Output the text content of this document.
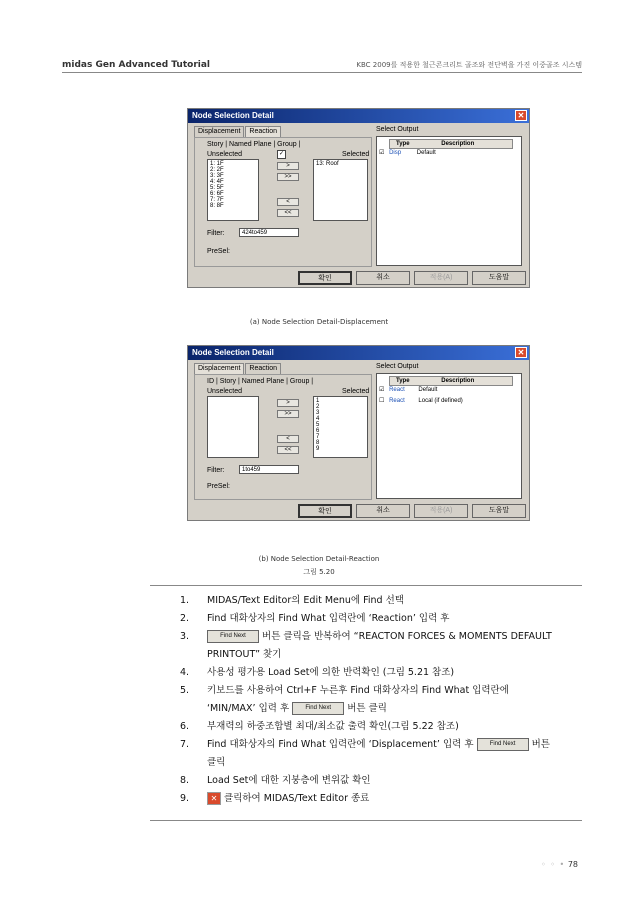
midas Gen Advanced Tutorial	KBC 2009를 적용한 철근콘크리트 골조와 전단벽을 가진 이중골조 시스템
Node Selection Detail	✕
Displacement Reaction
Story | Named Plane | Group |
Unselected	✓	Selected
1: 1F
2: 2F
3: 3F
4: 4F
5: 5F
6: 6F
7: 7F
8: 8F
>
>>
<
<<
13: Roof
Filter:	424to459
PreSel:
Select Output
Type	Description
☑ Disp	Default
확인	취소	적용(A)	도움말
(a) Node Selection Detail-Displacement
Node Selection Detail	✕
Displacement Reaction
ID | Story | Named Plane | Group |
Unselected	Selected
>
>>
<
<<
1
2
3
4
5
6
7
8
9
Filter:	1to459
PreSel:
Select Output
Type	Description
☑ React Default
☐ React Local (if defined)
확인	취소	적용(A)	도움말
(b) Node Selection Detail-Reaction
그림 5.20
1. MIDAS/Text Editor의 Edit Menu에 Find 선택
2. Find 대화상자의 Find What 입력란에 ‘Reaction’ 입력 후
3.	Find Next 버튼 클릭을 반복하여 “REACTON FORCES & MOMENTS DEFAULT PRINTOUT” 찾기
4. 사용성 평가용 Load Set에 의한 반력확인 (그림 5.21 참조)
5. 키보드를 사용하여 Ctrl+F 누른후 Find 대화상자의 Find What 입력란에 ‘MIN/MAX’ 입력 후	Find Next 버튼 클릭
6. 부재력의 하중조합별 최대/최소값 출력 확인(그림 5.22 참조)
7. Find 대화상자의 Find What 입력란에 ‘Displacement’ 입력 후	Find Next 버튼 클릭
8. Load Set에 대한 지붕층에 변위값 확인
9.	✕ 클릭하여 MIDAS/Text Editor 종료
◦ ◦ • 78
